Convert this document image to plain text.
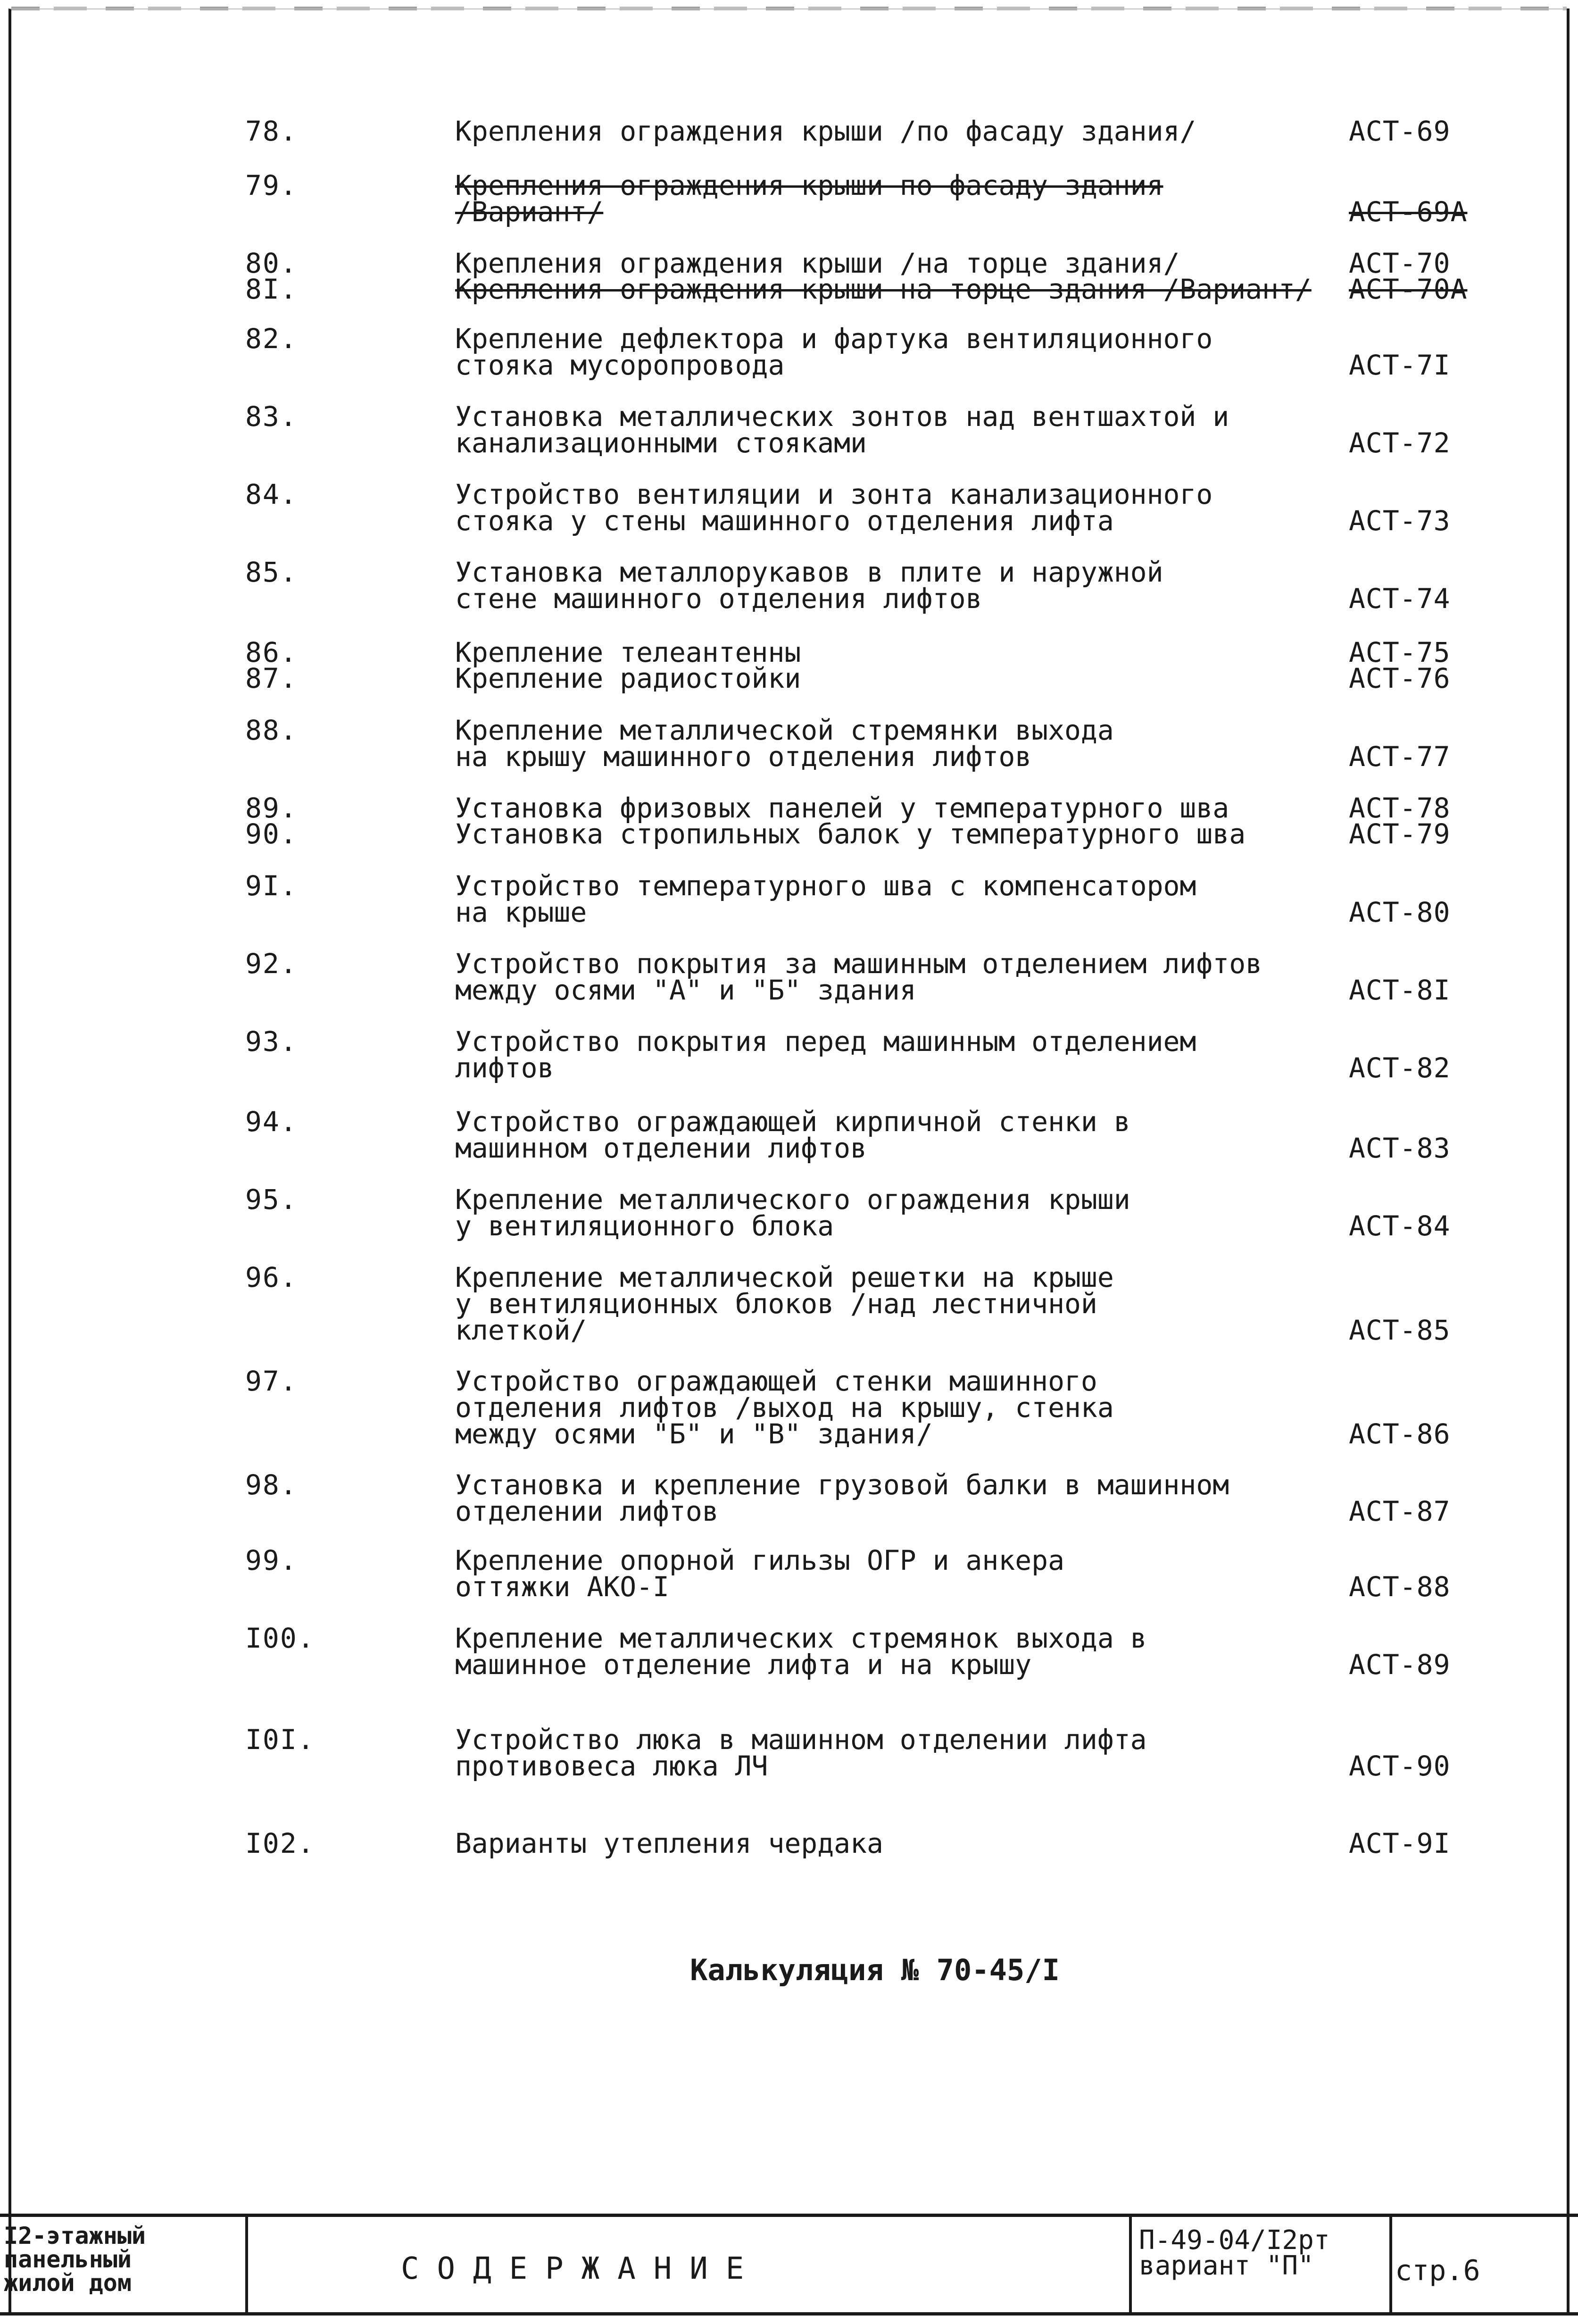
78.	Крепления ограждения крыши /по фасаду здания/	АСТ-69
79.	Крепления ограждения крыши по фасаду здания
/Вариант/	АСТ-69А
80.	Крепления ограждения крыши /на торце здания/	АСТ-70
8I.	Крепления ограждения крыши на торце здания /Вариант/	АСТ-70А
82.	Крепление дефлектора и фартука вентиляционного
стояка мусоропровода	АСТ-7I
83.	Установка металлических зонтов над вентшахтой и
канализационными стояками	АСТ-72
84.	Устройство вентиляции и зонта канализационного
стояка у стены машинного отделения лифта	АСТ-73
85.	Установка металлорукавов в плите и наружной
стене машинного отделения лифтов	АСТ-74
86.	Крепление телеантенны	АСТ-75
87.	Крепление радиостойки	АСТ-76
88.	Крепление металлической стремянки выхода
на крышу машинного отделения лифтов	АСТ-77
89.	Установка фризовых панелей у температурного шва	АСТ-78
90.	Установка стропильных балок у температурного шва	АСТ-79
9I.	Устройство температурного шва с компенсатором
на крыше	АСТ-80
92.	Устройство покрытия за машинным отделением лифтов
между осями "А" и "Б" здания	АСТ-8I
93.	Устройство покрытия перед машинным отделением
лифтов	АСТ-82
94.	Устройство ограждающей кирпичной стенки в
машинном отделении лифтов	АСТ-83
95.	Крепление металлического ограждения крыши
у вентиляционного блока	АСТ-84
96.	Крепление металлической решетки на крыше
у вентиляционных блоков /над лестничной
клеткой/	АСТ-85
97.	Устройство ограждающей стенки машинного
отделения лифтов /выход на крышу, стенка
между осями "Б" и "В" здания/	АСТ-86
98.	Установка и крепление грузовой балки в машинном
отделении лифтов	АСТ-87
99.	Крепление опорной гильзы ОГР и анкера
оттяжки АКО-I	АСТ-88
I00.	Крепление металлических стремянок выхода в
машинное отделение лифта и на крышу	АСТ-89
I0I.	Устройство люка в машинном отделении лифта
противовеса люка ЛЧ	АСТ-90
I02.	Варианты утепления чердака	АСТ-9I
Калькуляция № 70-45/I
I2-этажный
панельный
жилой дом	СОДЕРЖАНИЕ
П-49-04/I2рт
вариант "П"	стр.6
